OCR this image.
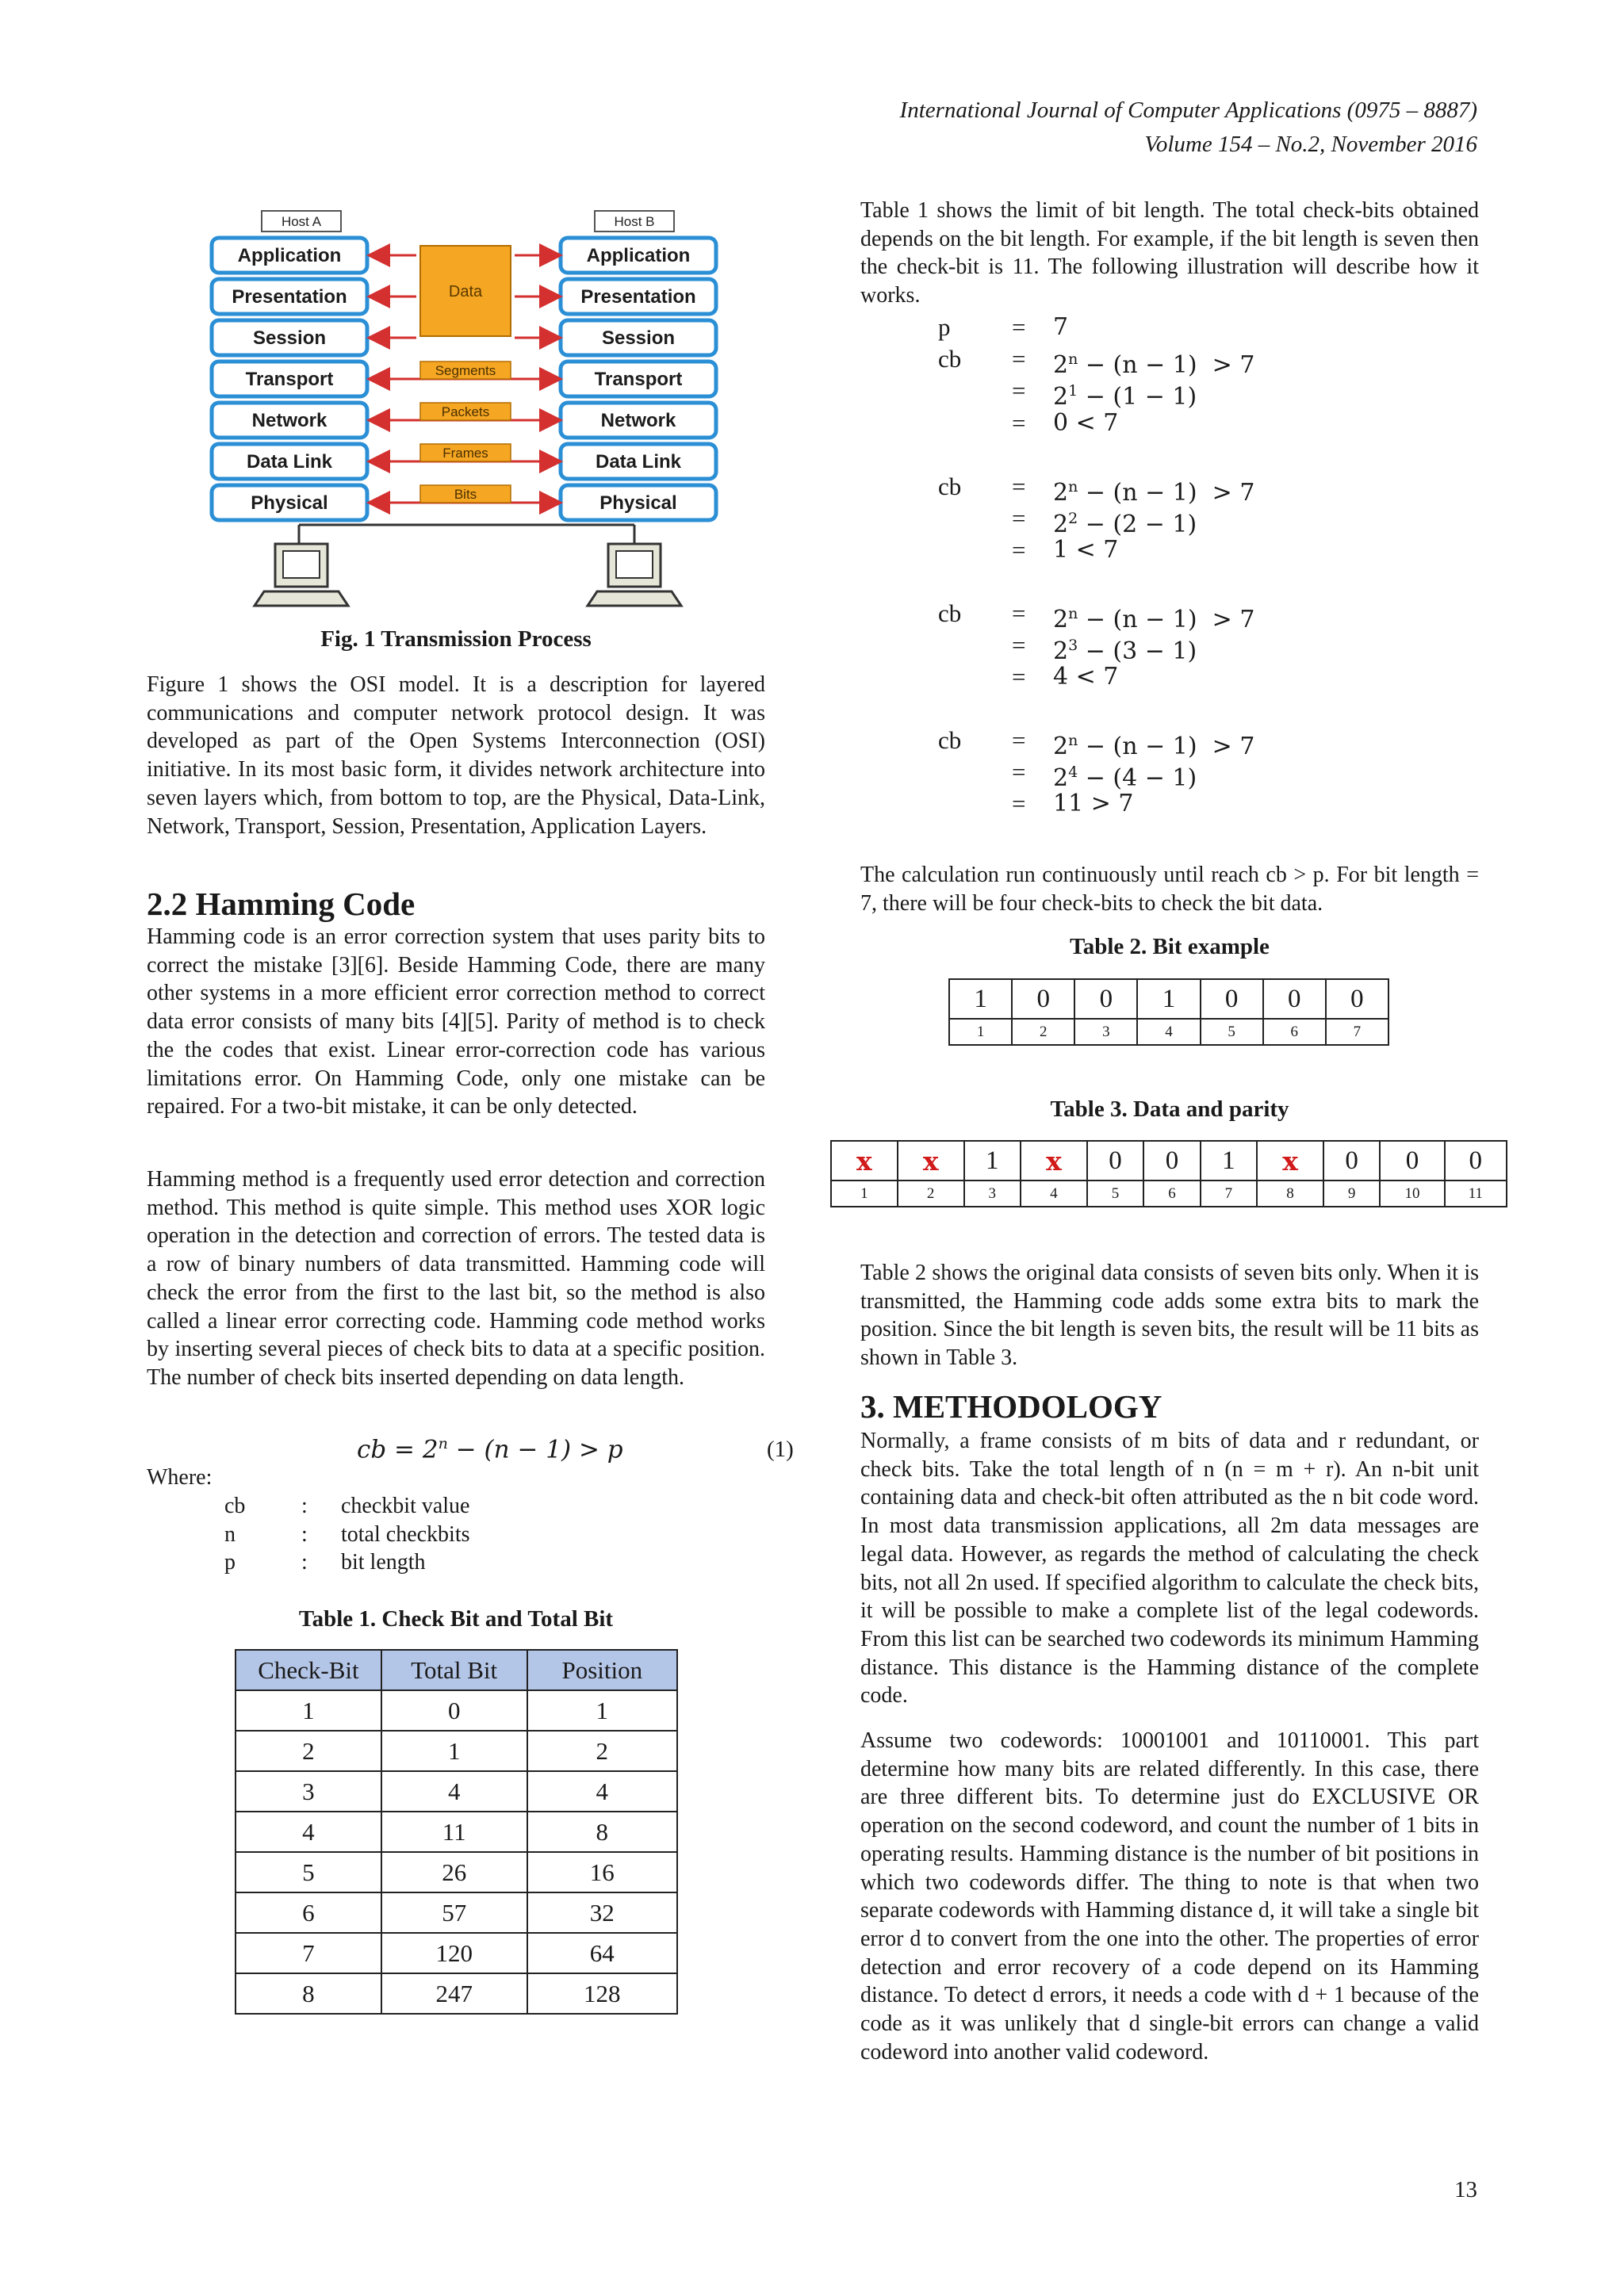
International Journal of Computer Applications (0975 – 8887)
Volume 154 – No.2, November 2016
Host A	Host B
Data
Application
Presentation
Session
Transport
Network
Data Link
Physical
Application
Presentation
Session
Transport
Network
Data Link
Physical
Segments
Packets
Frames
Bits
Fig. 1 Transmission Process

Figure 1 shows the OSI model. It is a description for layered communications and computer network protocol design. It was developed as part of the Open Systems Interconnection (OSI) initiative. In its most basic form, it divides network architecture into seven layers which, from bottom to top, are the Physical, Data-Link, Network, Transport, Session, Presentation, Application Layers.

2.2 Hamming Code

Hamming code is an error correction system that uses parity bits to correct the mistake [3][6]. Beside Hamming Code, there are many other systems in a more efficient error correction method to correct data error consists of many bits [4][5]. Parity of method is to check the the codes that exist. Linear error-correction code has various limitations error. On Hamming Code, only one mistake can be repaired. For a two-bit mistake, it can be only detected.

Hamming method is a frequently used error detection and correction method. This method is quite simple. This method uses XOR logic operation in the detection and correction of errors. The tested data is a row of binary numbers of data transmitted. Hamming code will check the error from the first to the last bit, so the method is also called a linear error correcting code. Hamming code method works by inserting several pieces of check bits to data at a specific position. The number of check bits inserted depending on data length.

cb = $2^n - (n - 1) > p$	(1)
Where:
cb	: checkbit value
n	: total checkbits
p	: bit length
Table 1. Check Bit and Total Bit
Check-Bit	Total Bit	Position
1	0	1
2	1	2
3	4	4
4	11	8
5	26	16
6	57	32
7	120	64
8	247	128

Table 1 shows the limit of bit length. The total check-bits obtained depends on the bit length. For example, if the bit length is seven then the check-bit is 11. The following illustration will describe how it works.

p	=	7
cb	=	$2^n - (n - 1) > 7$
=	$2^1 - (1 - 1)$
=	0 < 7
cb	=	$2^n - (n - 1) > 7$
=	$2^2 - (2 - 1)$
=	1 < 7
cb	=	$2^n - (n - 1) > 7$
=	$2^3 - (3 - 1)$
=	4 < 7
cb	=	$2^n - (n - 1) > 7$
=	$2^4 - (4 - 1)$
=	11 > 7

The calculation run continuously until reach cb > p. For bit length = 7, there will be four check-bits to check the bit data.

Table 2. Bit example
1	0	0	1	0	0	0
1	2	3	4	5	6	7
Table 3. Data and parity
x	x	1	x	0	0	1	x	0	0	0
1	2	3	4	5	6	7	8	9	10	11

Table 2 shows the original data consists of seven bits only. When it is transmitted, the Hamming code adds some extra bits to mark the position. Since the bit length is seven bits, the result will be 11 bits as shown in Table 3.

3. METHODOLOGY

Normally, a frame consists of m bits of data and r redundant, or check bits. Take the total length of n (n = m + r). An n-bit unit containing data and check-bit often attributed as the n bit code word. In most data transmission applications, all 2m data messages are legal data. However, as regards the method of calculating the check bits, not all 2n used. If specified algorithm to calculate the check bits, it will be possible to make a complete list of the legal codewords. From this list can be searched two codewords its minimum Hamming distance. This distance is the Hamming distance of the complete code.

Assume two codewords: 10001001 and 10110001. This part determine how many bits are related differently. In this case, there are three different bits. To determine just do EXCLUSIVE OR operation on the second codeword, and count the number of 1 bits in operating results. Hamming distance is the number of bit positions in which two codewords differ. The thing to note is that when two separate codewords with Hamming distance d, it will take a single bit error d to convert from the one into the other. The properties of error detection and error recovery of a code depend on its Hamming distance. To detect d errors, it needs a code with d + 1 because of the code as it was unlikely that d single-bit errors can change a valid codeword into another valid codeword.

13
